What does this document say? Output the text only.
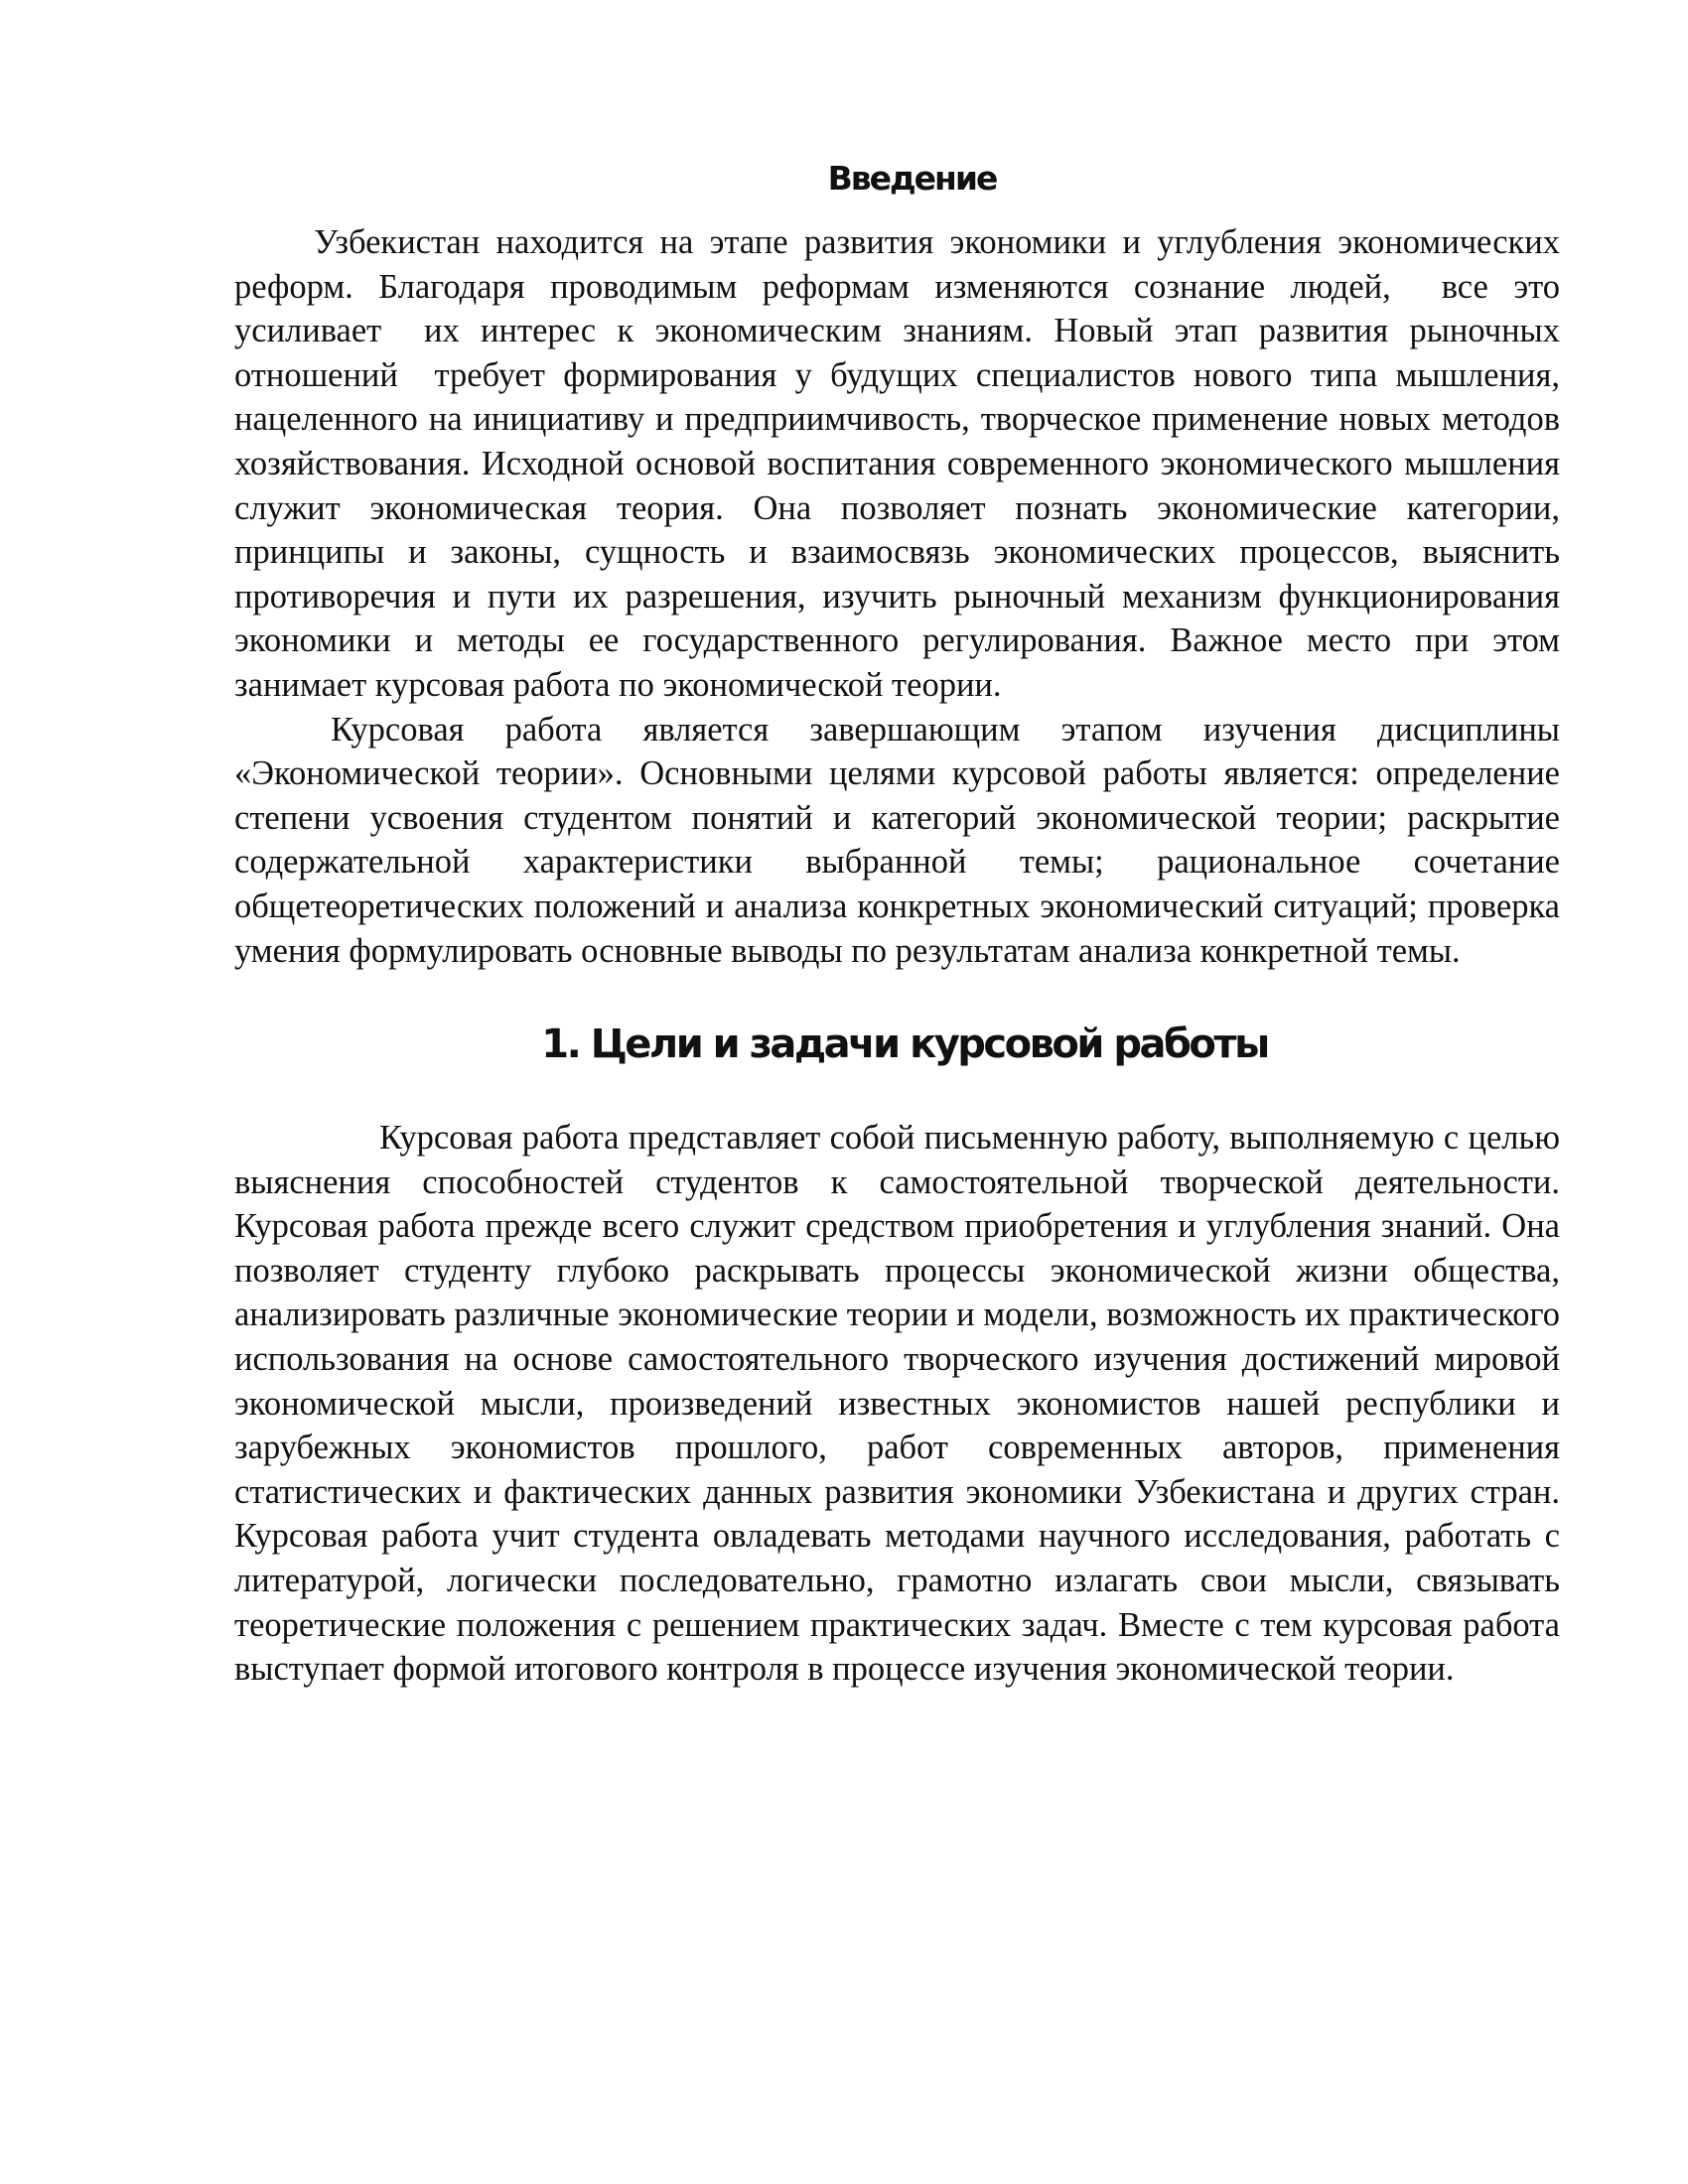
Введение

Узбекистан находится на этапе развития экономики и углубления экономических реформ. Благодаря проводимым реформам изменяются сознание людей,  все это усиливает  их интерес к экономическим знаниям. Новый этап развития рыночных отношений  требует формирования у будущих специалистов нового типа мышления, нацеленного на инициативу и предприимчивость, творческое применение новых методов хозяйствования. Исходной основой воспитания современного экономического мышления служит экономическая теория. Она позволяет познать экономические категории, принципы и законы, сущность и взаимосвязь экономических процессов, выяснить противоречия и пути их разрешения, изучить рыночный механизм функционирования экономики и методы ее государственного регулирования. Важное место при этом занимает курсовая работа по экономической теории.

Курсовая работа является завершающим этапом изучения дисциплины «Экономической теории». Основными целями курсовой работы является: определение степени усвоения студентом понятий и категорий экономической теории; раскрытие содержательной характеристики выбранной темы; рациональное сочетание общетеоретических положений и анализа конкретных экономический ситуаций; проверка умения формулировать основные выводы по результатам анализа конкретной темы.

1. Цели и задачи курсовой работы

Курсовая работа представляет собой письменную работу, выполняемую с целью выяснения способностей студентов к самостоятельной творческой деятельности. Курсовая работа прежде всего служит средством приобретения и углубления знаний. Она позволяет студенту глубоко раскрывать процессы экономической жизни общества, анализировать различные экономические теории и модели, возможность их практического использования на основе самостоятельного творческого изучения достижений мировой экономической мысли, произведений известных экономистов нашей республики и зарубежных экономистов прошлого, работ современных авторов, применения статистических и фактических данных развития экономики Узбекистана и других стран. Курсовая работа учит студента овладевать методами научного исследования, работать с литературой, логически последовательно, грамотно излагать свои мысли, связывать теоретические положения с решением практических задач. Вместе с тем курсовая работа выступает формой итогового контроля в процессе изучения экономической теории.
